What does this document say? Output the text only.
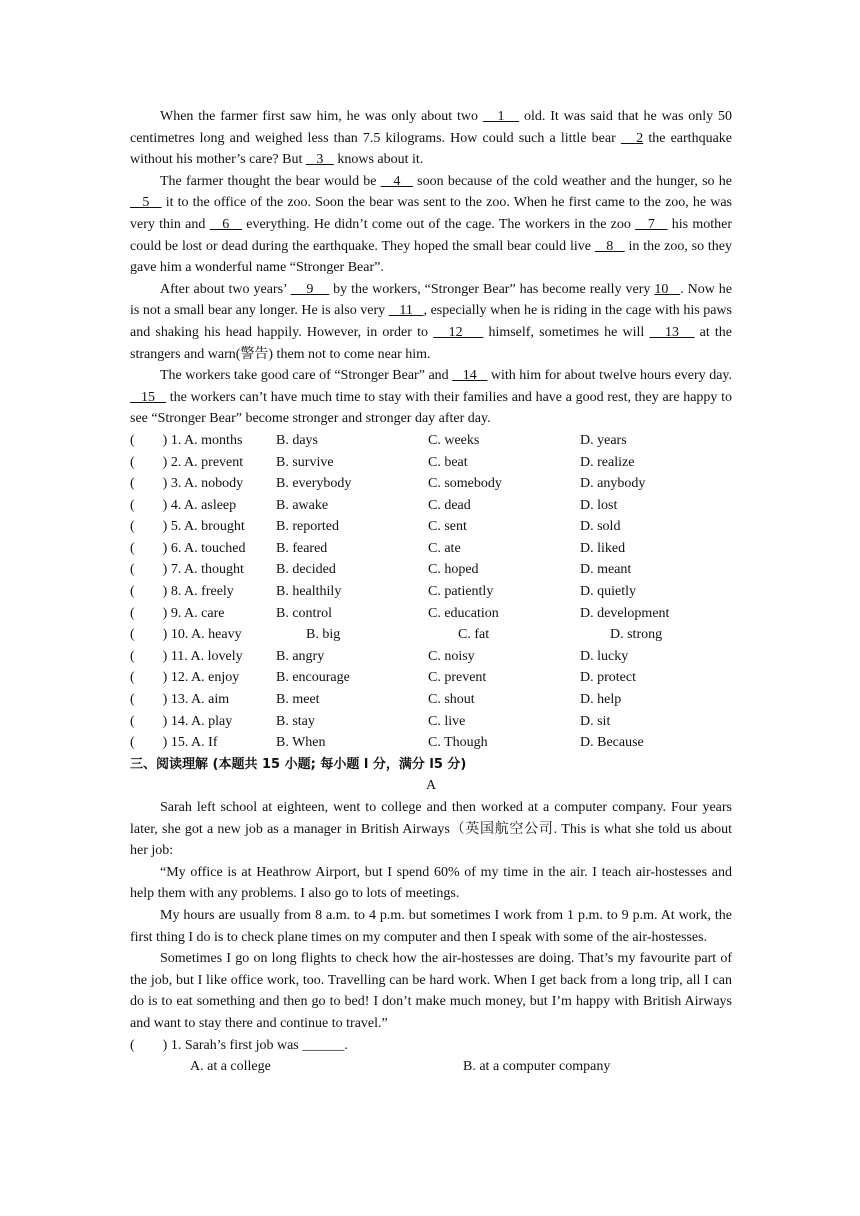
When the farmer first saw him, he was only about two    1    old. It was said that he was only 50 centimetres long and weighed less than 7.5 kilograms. How could such a little bear    2 the earthquake without his mother’s care? But    3    knows about it.

The farmer thought the bear would be    4    soon because of the cold weather and the hunger, so he    5    it to the office of the zoo. Soon the bear was sent to the zoo. When he first came to the zoo, he was very thin and    6    everything. He didn’t come out of the cage. The workers in the zoo    7    his mother could be lost or dead during the earthquake. They hoped the small bear could live    8    in the zoo, so they gave him a wonderful name “Stronger Bear”.

After about two years’     9     by the workers, “Stronger Bear” has become really very 10   . Now he is not a small bear any longer. He is also very    11   , especially when he is riding in the cage with his paws and shaking his head happily. However, in order to    12     himself, sometimes he will    13    at the strangers and warn(警告) them not to come near him.

The workers take good care of “Stronger Bear” and    14    with him for about twelve hours every day.    15    the workers can’t have much time to stay with their families and have a good rest, they are happy to see “Stronger Bear” become stronger and stronger day after day.

(        ) 1. A. months	B. days	C. weeks	D. years
(        ) 2. A. prevent	B. survive	C. beat	D. realize
(        ) 3. A. nobody	B. everybody	C. somebody	D. anybody
(        ) 4. A. asleep	B. awake	C. dead	D. lost
(        ) 5. A. brought	B. reported	C. sent	D. sold
(        ) 6. A. touched	B. feared	C. ate	D. liked
(        ) 7. A. thought	B. decided	C. hoped	D. meant
(        ) 8. A. freely	B. healthily	C. patiently	D. quietly
(        ) 9. A. care	B. control	C. education	D. development
(        ) 10. A. heavy	B. big	C. fat	D. strong
(        ) 11. A. lovely	B. angry	C. noisy	D. lucky
(        ) 12. A. enjoy	B. encourage	C. prevent	D. protect
(        ) 13. A. aim	B. meet	C. shout	D. help
(        ) 14. A. play	B. stay	C. live	D. sit
(        ) 15. A. If	B. When	C. Though	D. Because

三、阅读理解 (本题共 15 小题; 每小题 l 分，满分 l5 分)

A

Sarah left school at eighteen, went to college and then worked at a computer company. Four years later, she got a new job as a manager in British Airways（英国航空公司. This is what she told us about her job:

“My office is at Heathrow Airport, but I spend 60% of my time in the air. I teach air-hostesses and help them with any problems. I also go to lots of meetings.

My hours are usually from 8 a.m. to 4 p.m. but sometimes I work from 1 p.m. to 9 p.m. At work, the first thing I do is to check plane times on my computer and then I speak with some of the air-hostesses.

Sometimes I go on long flights to check how the air-hostesses are doing. That’s my favourite part of the job, but I like office work, too. Travelling can be hard work. When I get back from a long trip, all I can do is to eat something and then go to bed! I don’t make much money, but I’m happy with British Airways and want to stay there and continue to travel.”

(        ) 1. Sarah’s first job was ______.
A. at a college	B. at a computer company
